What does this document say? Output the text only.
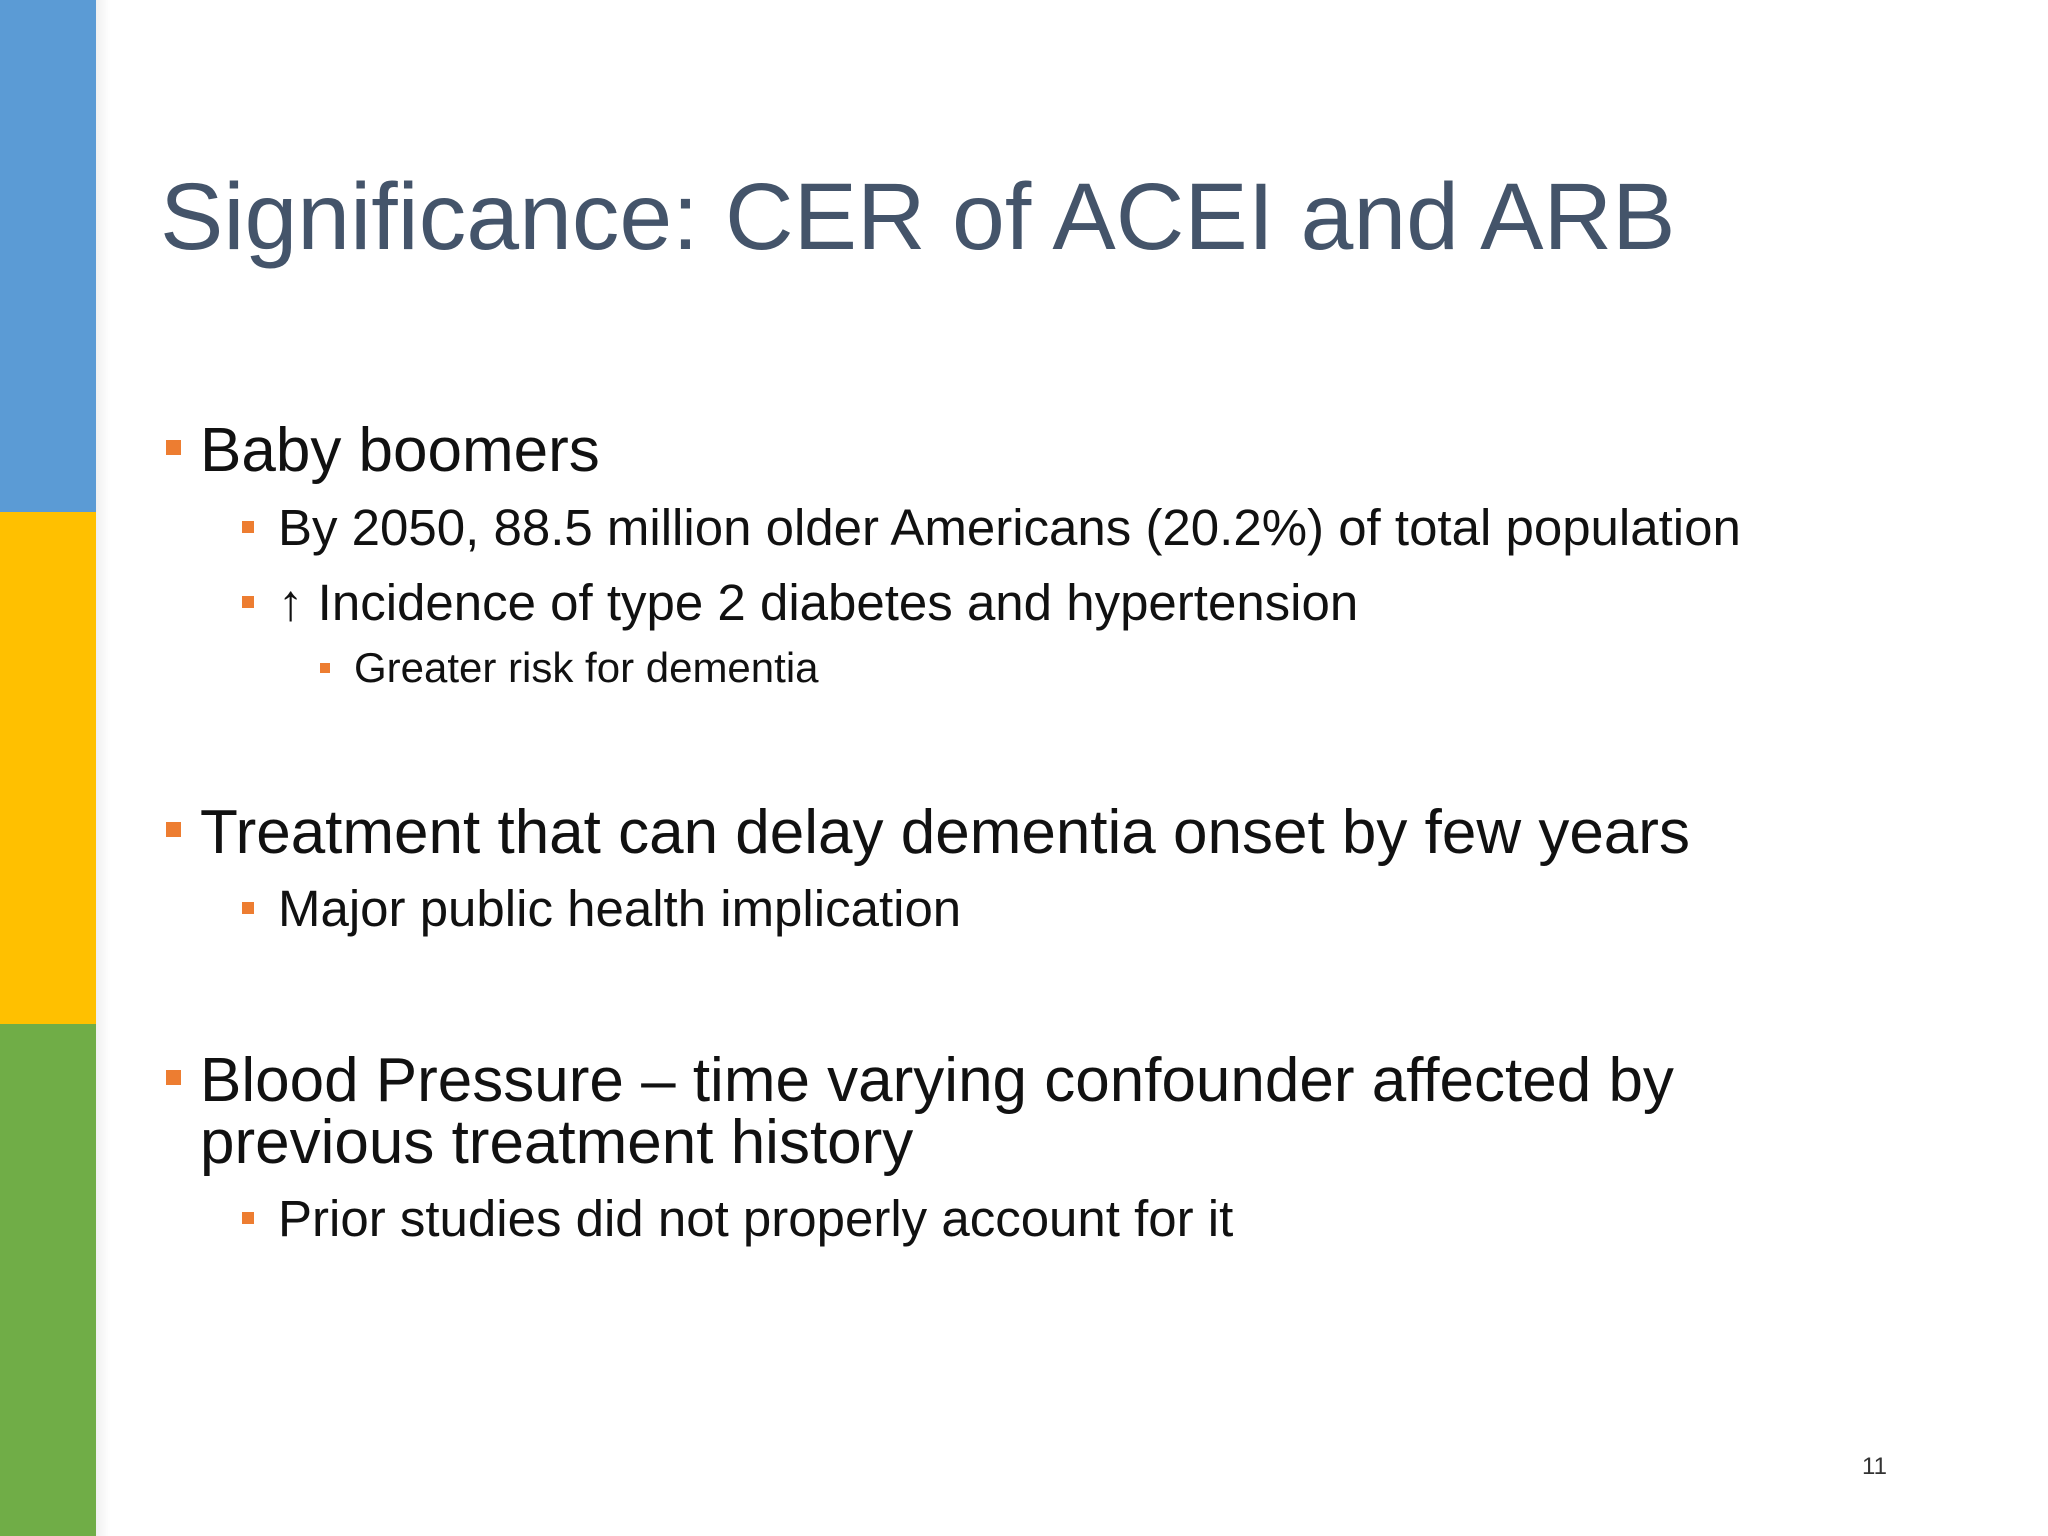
Significance: CER of ACEI and ARB
Baby boomers
By 2050, 88.5 million older Americans (20.2%) of total population
↑ Incidence of type 2 diabetes and hypertension
Greater risk for dementia
Treatment that can delay dementia onset by few years
Major public health implication
Blood Pressure – time varying confounder affected by
previous treatment history
Prior studies did not properly account for it
11
